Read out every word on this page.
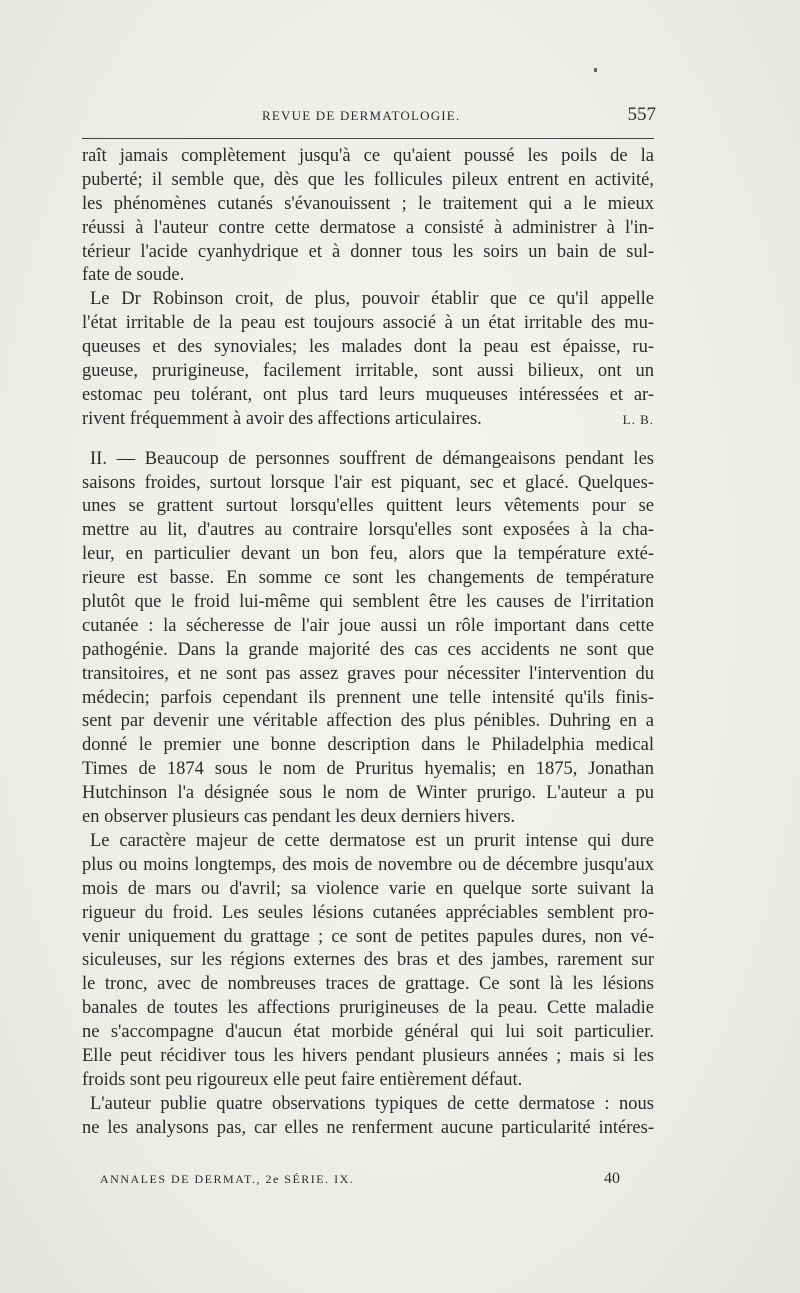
REVUE DE DERMATOLOGIE.	557
raît jamais complètement jusqu'à ce qu'aient poussé les poils de la
puberté; il semble que, dès que les follicules pileux entrent en activité,
les phénomènes cutanés s'évanouissent ; le traitement qui a le mieux
réussi à l'auteur contre cette dermatose a consisté à administrer à l'in-
térieur l'acide cyanhydrique et à donner tous les soirs un bain de sul-
fate de soude.
Le Dr Robinson croit, de plus, pouvoir établir que ce qu'il appelle
l'état irritable de la peau est toujours associé à un état irritable des mu-
queuses et des synoviales; les malades dont la peau est épaisse, ru-
gueuse, prurigineuse, facilement irritable, sont aussi bilieux, ont un
estomac peu tolérant, ont plus tard leurs muqueuses intéressées et ar-
rivent fréquemment à avoir des affections articulaires.	L. B.
II. — Beaucoup de personnes souffrent de démangeaisons pendant les
saisons froides, surtout lorsque l'air est piquant, sec et glacé. Quelques-
unes se grattent surtout lorsqu'elles quittent leurs vêtements pour se
mettre au lit, d'autres au contraire lorsqu'elles sont exposées à la cha-
leur, en particulier devant un bon feu, alors que la température exté-
rieure est basse. En somme ce sont les changements de température
plutôt que le froid lui-même qui semblent être les causes de l'irritation
cutanée : la sécheresse de l'air joue aussi un rôle important dans cette
pathogénie. Dans la grande majorité des cas ces accidents ne sont que
transitoires, et ne sont pas assez graves pour nécessiter l'intervention du
médecin; parfois cependant ils prennent une telle intensité qu'ils finis-
sent par devenir une véritable affection des plus pénibles. Duhring en a
donné le premier une bonne description dans le Philadelphia medical
Times de 1874 sous le nom de Pruritus hyemalis; en 1875, Jonathan
Hutchinson l'a désignée sous le nom de Winter prurigo. L'auteur a pu
en observer plusieurs cas pendant les deux derniers hivers.
Le caractère majeur de cette dermatose est un prurit intense qui dure
plus ou moins longtemps, des mois de novembre ou de décembre jusqu'aux
mois de mars ou d'avril; sa violence varie en quelque sorte suivant la
rigueur du froid. Les seules lésions cutanées appréciables semblent pro-
venir uniquement du grattage ; ce sont de petites papules dures, non vé-
siculeuses, sur les régions externes des bras et des jambes, rarement sur
le tronc, avec de nombreuses traces de grattage. Ce sont là les lésions
banales de toutes les affections prurigineuses de la peau. Cette maladie
ne s'accompagne d'aucun état morbide général qui lui soit particulier.
Elle peut récidiver tous les hivers pendant plusieurs années ; mais si les
froids sont peu rigoureux elle peut faire entièrement défaut.
L'auteur publie quatre observations typiques de cette dermatose : nous
ne les analysons pas, car elles ne renferment aucune particularité intéres-
ANNALES DE DERMAT., 2e SÉRIE. IX.	40
